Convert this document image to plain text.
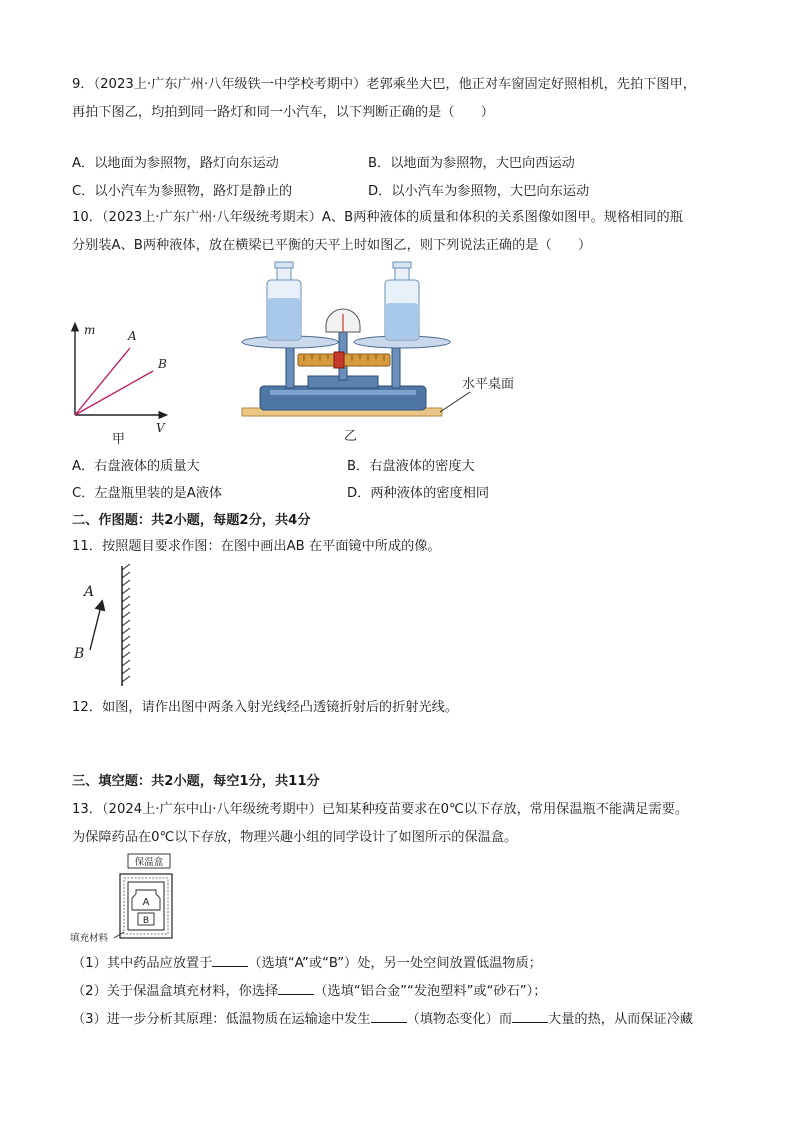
9．（2023上·广东广州·八年级铁一中学校考期中）老郭乘坐大巴，他正对车窗固定好照相机，先拍下图甲，
再拍下图乙，均拍到同一路灯和同一小汽车，以下判断正确的是（　　）
A．以地面为参照物，路灯向东运动	B．以地面为参照物，大巴向西运动
C．以小汽车为参照物，路灯是静止的	D．以小汽车为参照物，大巴向东运动
10．（2023上·广东广州·八年级统考期末）A、B两种液体的质量和体积的关系图像如图甲。规格相同的瓶
分别装A、B两种液体，放在横梁已平衡的天平上时如图乙，则下列说法正确的是（　　）
m	A
B
V
甲
水平桌面
乙
A．右盘液体的质量大	B．右盘液体的密度大
C．左盘瓶里装的是A液体	D．两种液体的密度相同
二、作图题：共2小题，每题2分，共4分
11．按照题目要求作图：在图中画出AB 在平面镜中所成的像。
A
B
12．如图，请作出图中两条入射光线经凸透镜折射后的折射光线。
三、填空题：共2小题，每空1分，共11分
13．（2024上·广东中山·八年级统考期中）已知某种疫苗要求在0℃以下存放，常用保温瓶不能满足需要。
为保障药品在0℃以下存放，物理兴趣小组的同学设计了如图所示的保温盒。
保温盒
A
B
填充材料
（1）其中药品应放置于	（选填“A”或“B”）处，另一处空间放置低温物质；
（2）关于保温盒填充材料，你选择	（选填“铝合金”“发泡塑料”或“砂石”）；
（3）进一步分析其原理：低温物质在运输途中发生	（填物态变化）而	大量的热，从而保证冷藏
